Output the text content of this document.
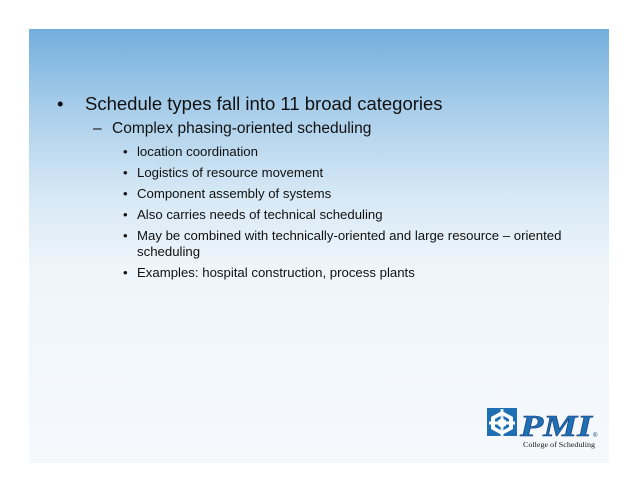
• Schedule types fall into 11 broad categories
– Complex phasing-oriented scheduling
• location coordination
• Logistics of resource movement
• Component assembly of systems
• Also carries needs of technical scheduling
• May be combined with technically-oriented and large resource – oriented scheduling
• Examples: hospital construction, process plants
PMI ®
College of Scheduling
